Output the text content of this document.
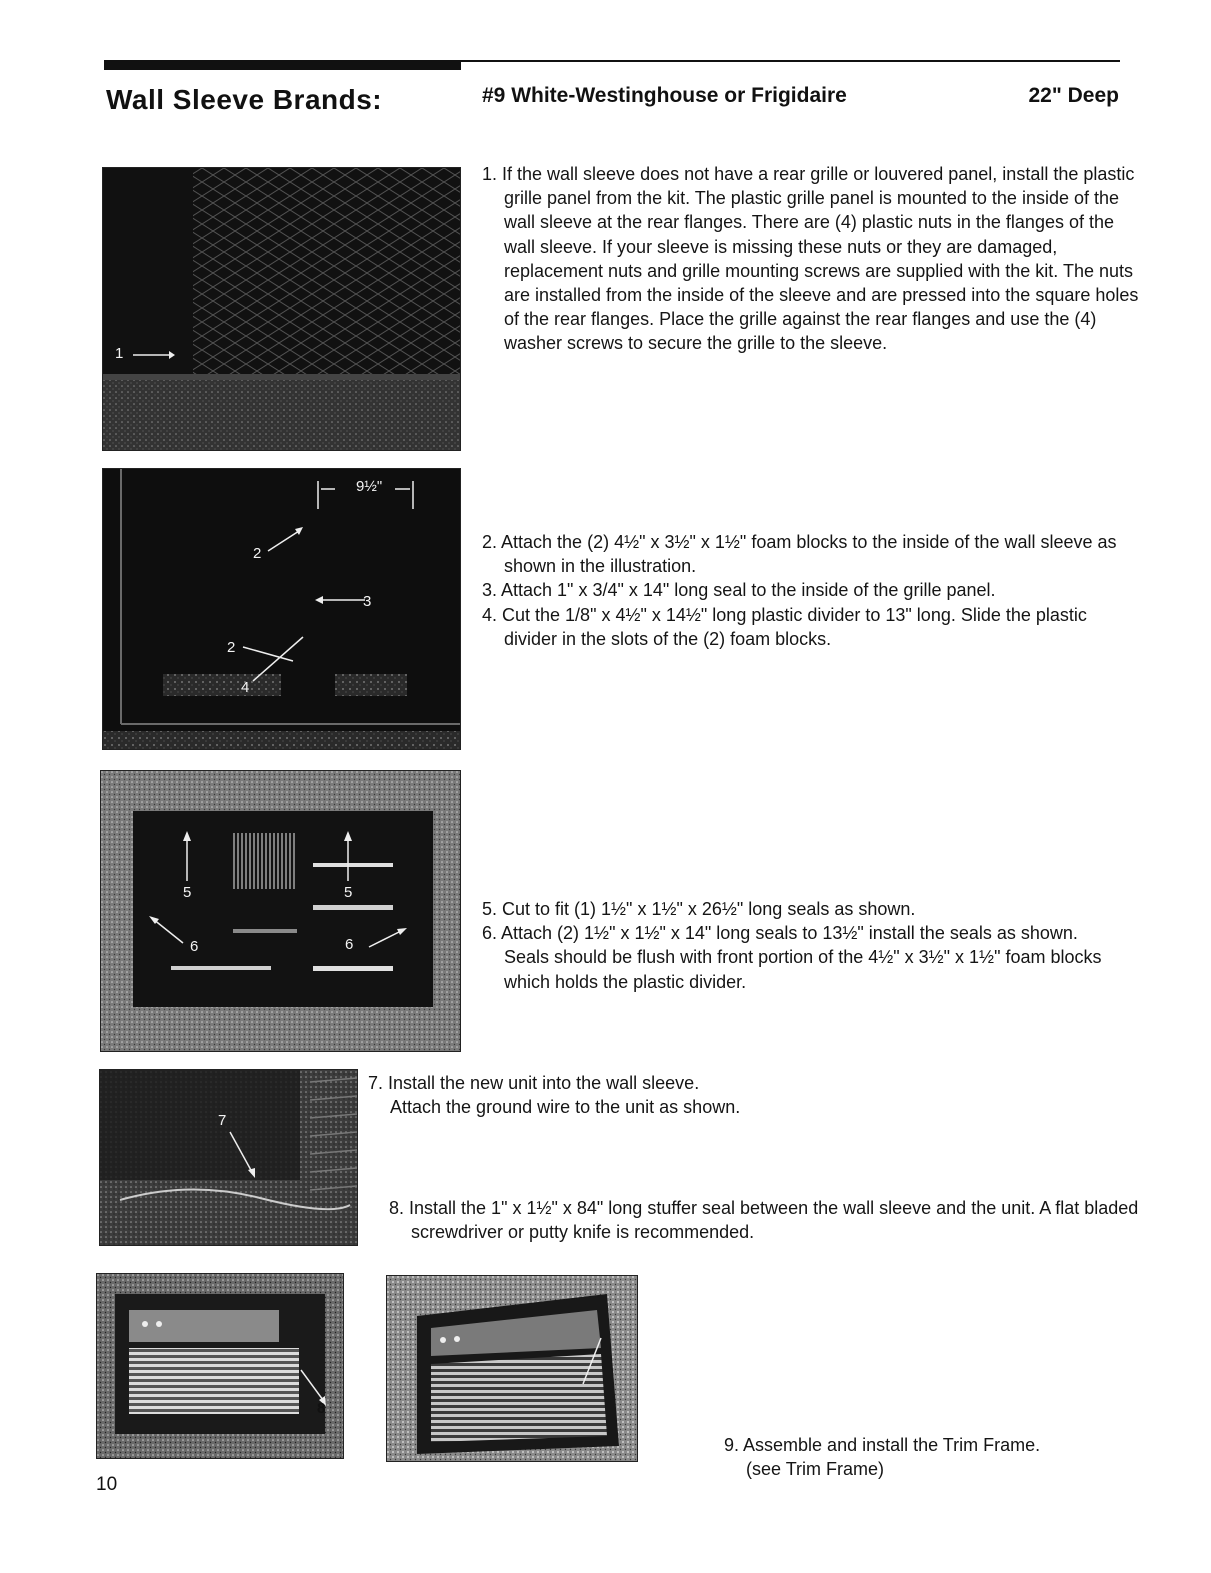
Wall Sleeve Brands:	#9 White-Westinghouse or Frigidaire	22" Deep
1
9½"
2
3
2
4
5	5
6	6
7
8
1. If the wall sleeve does not have a rear grille or louvered panel, install the plastic grille panel from the kit. The plastic grille panel is mounted to the inside of the wall sleeve at the rear flanges. There are (4) plastic nuts in the flanges of the wall sleeve. If your sleeve is missing these nuts or they are damaged, replacement nuts and grille mounting screws are supplied with the kit. The nuts are installed from the inside of the sleeve and are pressed into the square holes of the rear flanges. Place the grille against the rear flanges and use the (4) washer screws to secure the grille to the sleeve.

2. Attach the (2) 4½" x 3½" x 1½" foam blocks to the inside of the wall sleeve as shown in the illustration.

3. Attach 1" x 3/4" x 14" long seal to the inside of the grille panel.

4. Cut the 1/8" x 4½" x 14½" long plastic divider to 13" long. Slide the plastic divider in the slots of the (2) foam blocks.

5. Cut to fit (1) 1½" x 1½" x 26½" long seals as shown.

6. Attach (2) 1½" x 1½" x 14" long seals to 13½" install the seals as shown. Seals should be flush with front portion of the 4½" x 3½" x 1½" foam blocks which holds the plastic divider.

7. Install the new unit into the wall sleeve.

Attach the ground wire to the unit as shown.

8. Install the 1" x 1½" x 84" long stuffer seal between the wall sleeve and the unit. A flat bladed screwdriver or putty knife is recommended.

9. Assemble and install the Trim Frame.

(see Trim Frame)

10
